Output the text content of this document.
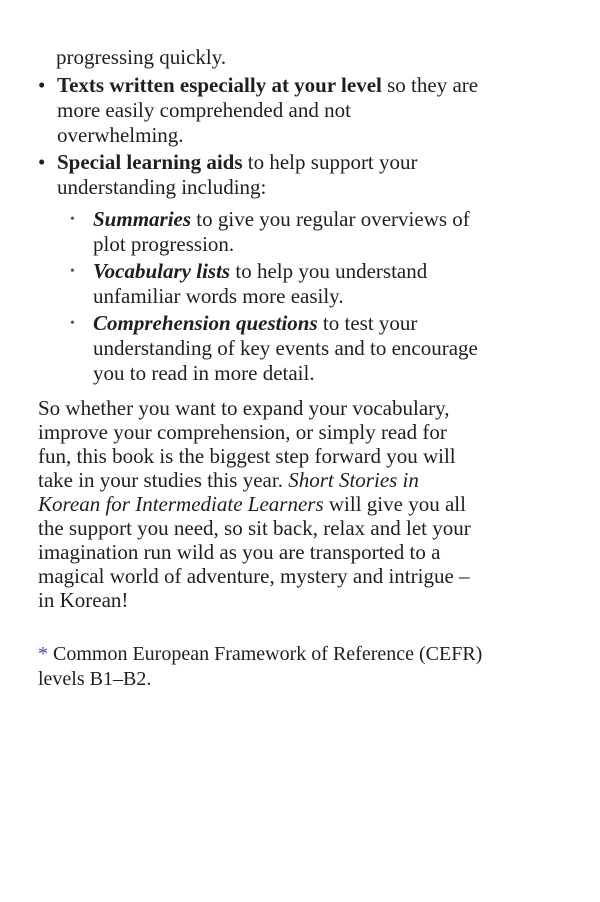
progressing quickly.

• Texts written especially at your level so they are
more easily comprehended and not
overwhelming.
• Special learning aids to help support your
understanding including:
• Summaries to give you regular overviews of
plot progression.
• Vocabulary lists to help you understand
unfamiliar words more easily.
• Comprehension questions to test your
understanding of key events and to encourage
you to read in more detail.

So whether you want to expand your vocabulary,
improve your comprehension, or simply read for
fun, this book is the biggest step forward you will
take in your studies this year. Short Stories in
Korean for Intermediate Learners will give you all
the support you need, so sit back, relax and let your
imagination run wild as you are transported to a
magical world of adventure, mystery and intrigue –
in Korean!

* Common European Framework of Reference (CEFR)
levels B1–B2.
